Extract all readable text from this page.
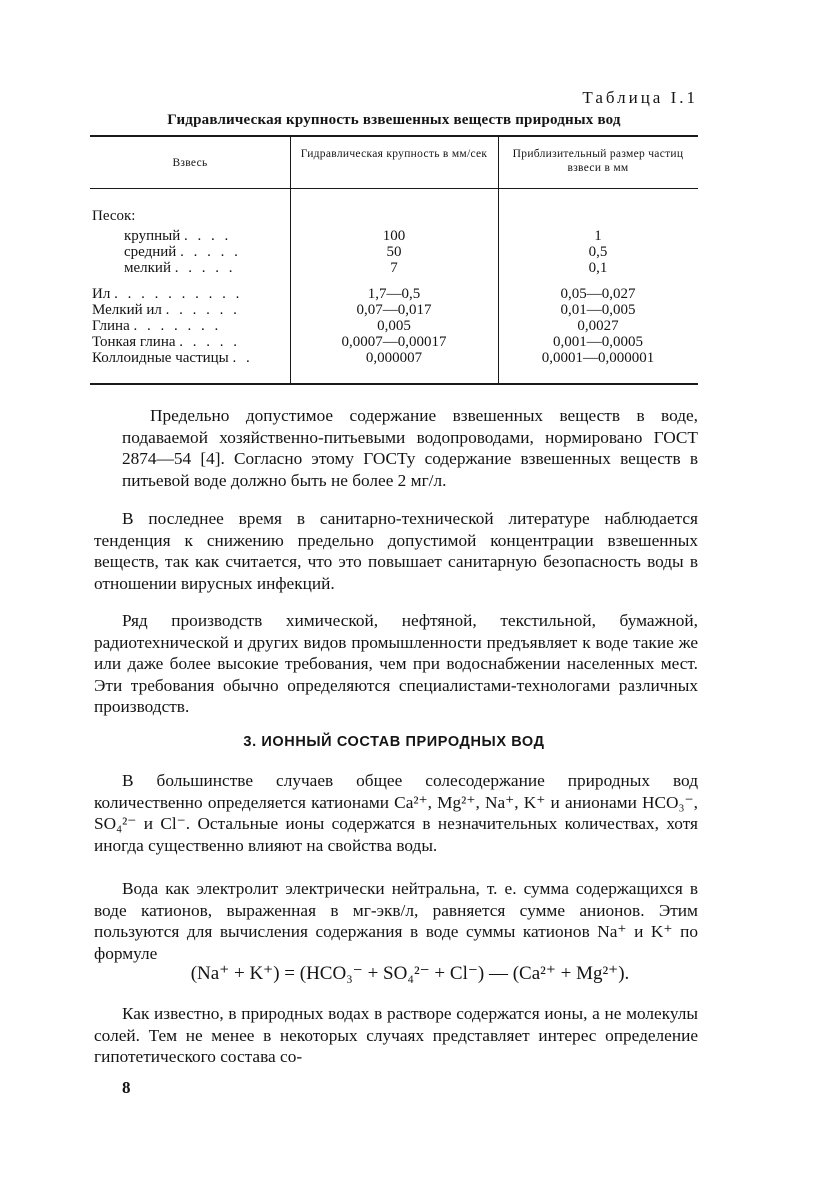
Таблица I.1
Гидравлическая крупность взвешенных веществ природных вод
Взвесь
Гидравлическая крупность в мм/сек	Приблизительный размер частиц взвеси в мм
Песок:
крупный . . . .	100	1
средний . . . . .	50	0,5
мелкий . . . . .	7	0,1
Ил . . . . . . . . . .	1,7—0,5	0,05—0,027
Мелкий ил . . . . . .	0,07—0,017	0,01—0,005
Глина . . . . . . .	0,005	0,0027
Тонкая глина . . . . .	0,0007—0,00017	0,001—0,0005
Коллоидные частицы . .	0,000007	0,0001—0,000001

Предельно допустимое содержание взвешенных веществ в воде, подаваемой хозяйственно-питьевыми водопроводами, нормировано ГОСТ 2874—54 [4]. Согласно этому ГОСТу содержание взвешенных веществ в питьевой воде должно быть не более 2 мг/л.

В последнее время в санитарно-технической литературе наблюдается тенденция к снижению предельно допустимой концентрации взвешенных веществ, так как считается, что это повышает санитарную безопасность воды в отношении вирусных инфекций.

Ряд производств химической, нефтяной, текстильной, бумажной, радиотехнической и других видов промышленности предъявляет к воде такие же или даже более высокие требования, чем при водоснабжении населенных мест. Эти требования обычно определяются специалистами-технологами различных производств.

3. ИОННЫЙ СОСТАВ ПРИРОДНЫХ ВОД

В большинстве случаев общее солесодержание природных вод количественно определяется катионами Ca²⁺, Mg²⁺, Na⁺, K⁺ и анионами HCO₃⁻, SO₄²⁻ и Cl⁻. Остальные ионы содержатся в незначительных количествах, хотя иногда существенно влияют на свойства воды.

Вода как электролит электрически нейтральна, т. е. сумма содержащихся в воде катионов, выраженная в мг-экв/л, равняется сумме анионов. Этим пользуются для вычисления содержания в воде суммы катионов Na⁺ и K⁺ по формуле

(Na⁺ + K⁺) = (HCO₃⁻ + SO₄²⁻ + Cl⁻) — (Ca²⁺ + Mg²⁺).

Как известно, в природных водах в растворе содержатся ионы, а не молекулы солей. Тем не менее в некоторых случаях представляет интерес определение гипотетического состава со-

8
